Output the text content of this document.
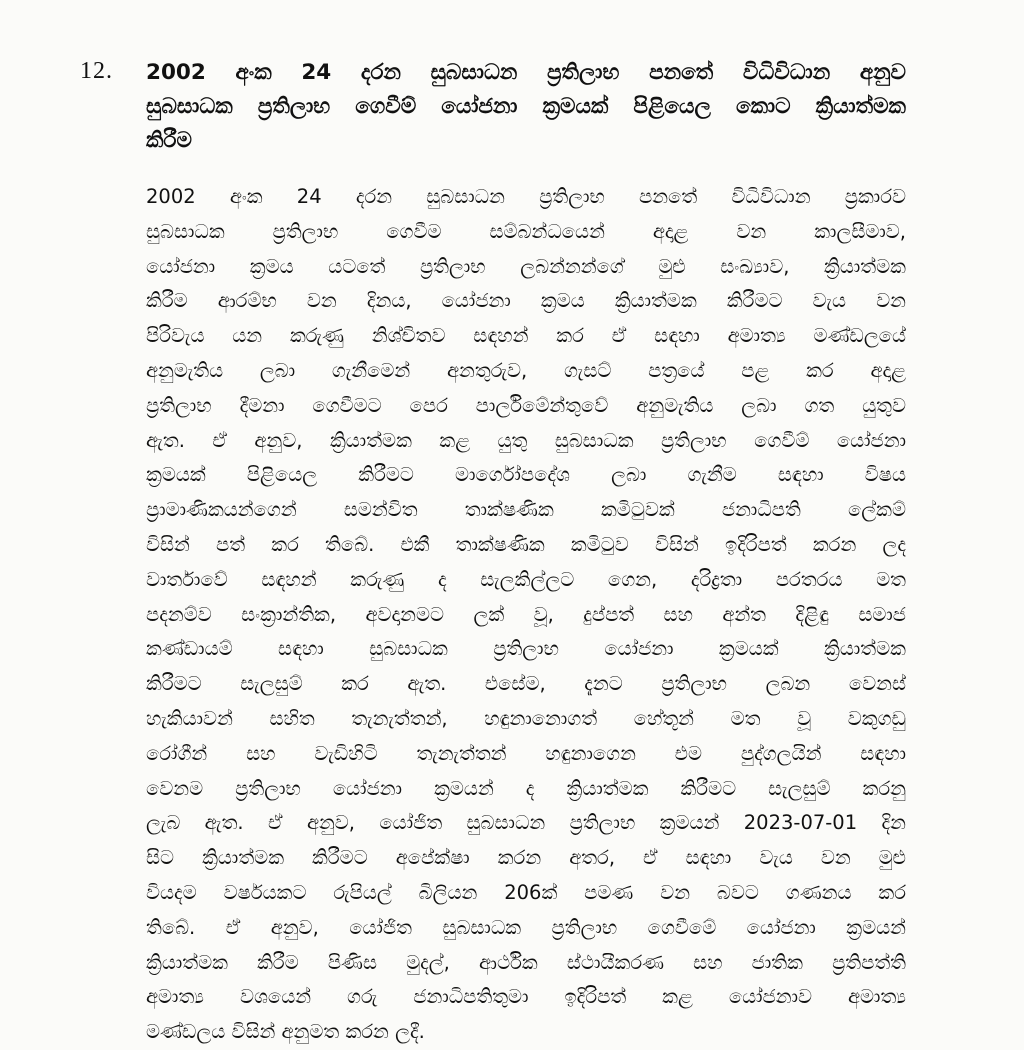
12. 2002 අංක 24 දරන සුබසාධන ප්‍රතිලාභ පනතේ විධිවිධාන අනුව
සුබසාධක ප්‍රතිලාභ ගෙවීම් යෝජනා ක්‍රමයක් පිළියෙල කොට ක්‍රියාත්මක
කිරීම
2002 අංක 24 දරන සුබසාධන ප්‍රතිලාභ පනතේ විධිවිධාන ප්‍රකාරව
සුබසාධක ප්‍රතිලාභ ගෙවීම සම්බන්ධයෙන් අදාළ වන කාලසීමාව,
යෝජනා ක්‍රමය යටතේ ප්‍රතිලාභ ලබන්නන්ගේ මුළු සංඛ්‍යාව, ක්‍රියාත්මක
කිරීම ආරම්භ වන දිනය, යෝජනා ක්‍රමය ක්‍රියාත්මක කිරීමට වැය වන
පිරිවැය යන කරුණු නිශ්චිතව සඳහන් කර ඒ සඳහා අමාත්‍ය මණ්ඩලයේ
අනුමැතිය ලබා ගැනීමෙන් අනතුරුව, ගැසට් පත්‍රයේ පළ කර අදාළ
ප්‍රතිලාභ දීමනා ගෙවීමට පෙර පාර්ලිමේන්තුවේ අනුමැතිය ලබා ගත යුතුව
ඇත. ඒ අනුව, ක්‍රියාත්මක කළ යුතු සුබසාධක ප්‍රතිලාභ ගෙවීම් යෝජනා
ක්‍රමයක් පිළියෙල කිරීමට මාර්ගෝපදේශ ලබා ගැනීම සඳහා විෂය
ප්‍රාමාණිකයන්ගෙන් සමන්විත තාක්ෂණික කමිටුවක් ජනාධිපති ලේකම්
විසින් පත් කර තිබේ. එකී තාක්ෂණික කමිටුව විසින් ඉදිරිපත් කරන ලද
වාර්තාවේ සඳහන් කරුණු ද සැලකිල්ලට ගෙන, දරිද්‍රතා පරතරය මත
පදනම්ව සංක්‍රාන්තික, අවදානමට ලක් වූ, දුප්පත් සහ අන්ත දිළිඳු සමාජ
කණ්ඩායම් සඳහා සුබසාධක ප්‍රතිලාභ යෝජනා ක්‍රමයක් ක්‍රියාත්මක
කිරීමට සැලසුම් කර ඇත. එසේම, දැනට ප්‍රතිලාභ ලබන වෙනස්
හැකියාවන් සහිත තැනැත්තන්, හඳුනානොගත් හේතූන් මත වූ වකුගඩු
රෝගීන් සහ වැඩිහිටි තැනැත්තන් හඳුනාගෙන එම පුද්ගලයින් සඳහා
වෙනම ප්‍රතිලාභ යෝජනා ක්‍රමයන් ද ක්‍රියාත්මක කිරීමට සැලසුම් කරනු
ලැබ ඇත. ඒ අනුව, යෝජිත සුබසාධන ප්‍රතිලාභ ක්‍රමයන් 2023-07-01 දින
සිට ක්‍රියාත්මක කිරීමට අපේක්ෂා කරන අතර, ඒ සඳහා වැය වන මුළු
වියදම වර්ෂයකට රුපියල් බිලියන 206ක් පමණ වන බවට ගණනය කර
තිබේ. ඒ අනුව, යෝජිත සුබසාධක ප්‍රතිලාභ ගෙවීමේ යෝජනා ක්‍රමයන්
ක්‍රියාත්මක කිරීම පිණිස මුදල්, ආර්ථික ස්ථායීකරණ සහ ජාතික ප්‍රතිපත්ති
අමාත්‍ය වශයෙන් ගරු ජනාධිපතිතුමා ඉදිරිපත් කළ යෝජනාව අමාත්‍ය
මණ්ඩලය විසින් අනුමත කරන ලදී.
